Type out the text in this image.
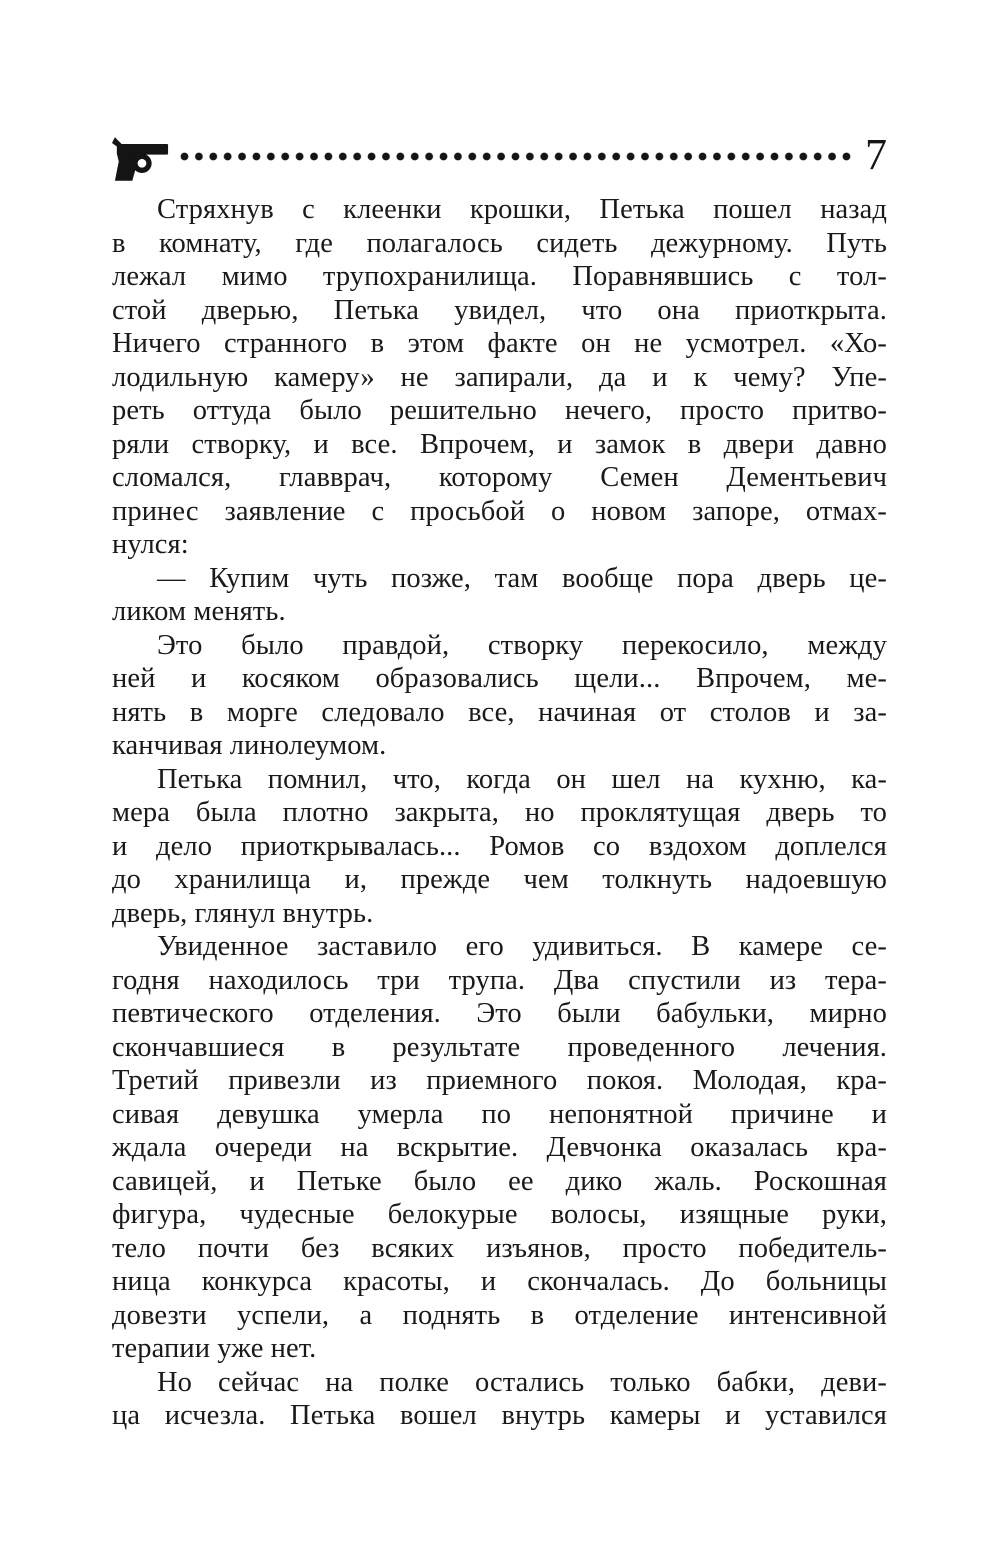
7
Стряхнув с клеенки крошки, Петька пошел назад
в комнату, где полагалось сидеть дежурному. Путь
лежал мимо трупохранилища. Поравнявшись с тол-
стой дверью, Петька увидел, что она приоткрыта.
Ничего странного в этом факте он не усмотрел. «Хо-
лодильную камеру» не запирали, да и к чему? Упе-
реть оттуда было решительно нечего, просто притво-
ряли створку, и все. Впрочем, и замок в двери давно
сломался, главврач, которому Семен Дементьевич
принес заявление с просьбой о новом запоре, отмах-
нулся:
— Купим чуть позже, там вообще пора дверь це-
ликом менять.
Это было правдой, створку перекосило, между
ней и косяком образовались щели... Впрочем, ме-
нять в морге следовало все, начиная от столов и за-
канчивая линолеумом.
Петька помнил, что, когда он шел на кухню, ка-
мера была плотно закрыта, но проклятущая дверь то
и дело приоткрывалась... Ромов со вздохом доплелся
до хранилища и, прежде чем толкнуть надоевшую
дверь, глянул внутрь.
Увиденное заставило его удивиться. В камере се-
годня находилось три трупа. Два спустили из тера-
певтического отделения. Это были бабульки, мирно
скончавшиеся в результате проведенного лечения.
Третий привезли из приемного покоя. Молодая, кра-
сивая девушка умерла по непонятной причине и
ждала очереди на вскрытие. Девчонка оказалась кра-
савицей, и Петьке было ее дико жаль. Роскошная
фигура, чудесные белокурые волосы, изящные руки,
тело почти без всяких изъянов, просто победитель-
ница конкурса красоты, и скончалась. До больницы
довезти успели, а поднять в отделение интенсивной
терапии уже нет.
Но сейчас на полке остались только бабки, деви-
ца исчезла. Петька вошел внутрь камеры и уставился
